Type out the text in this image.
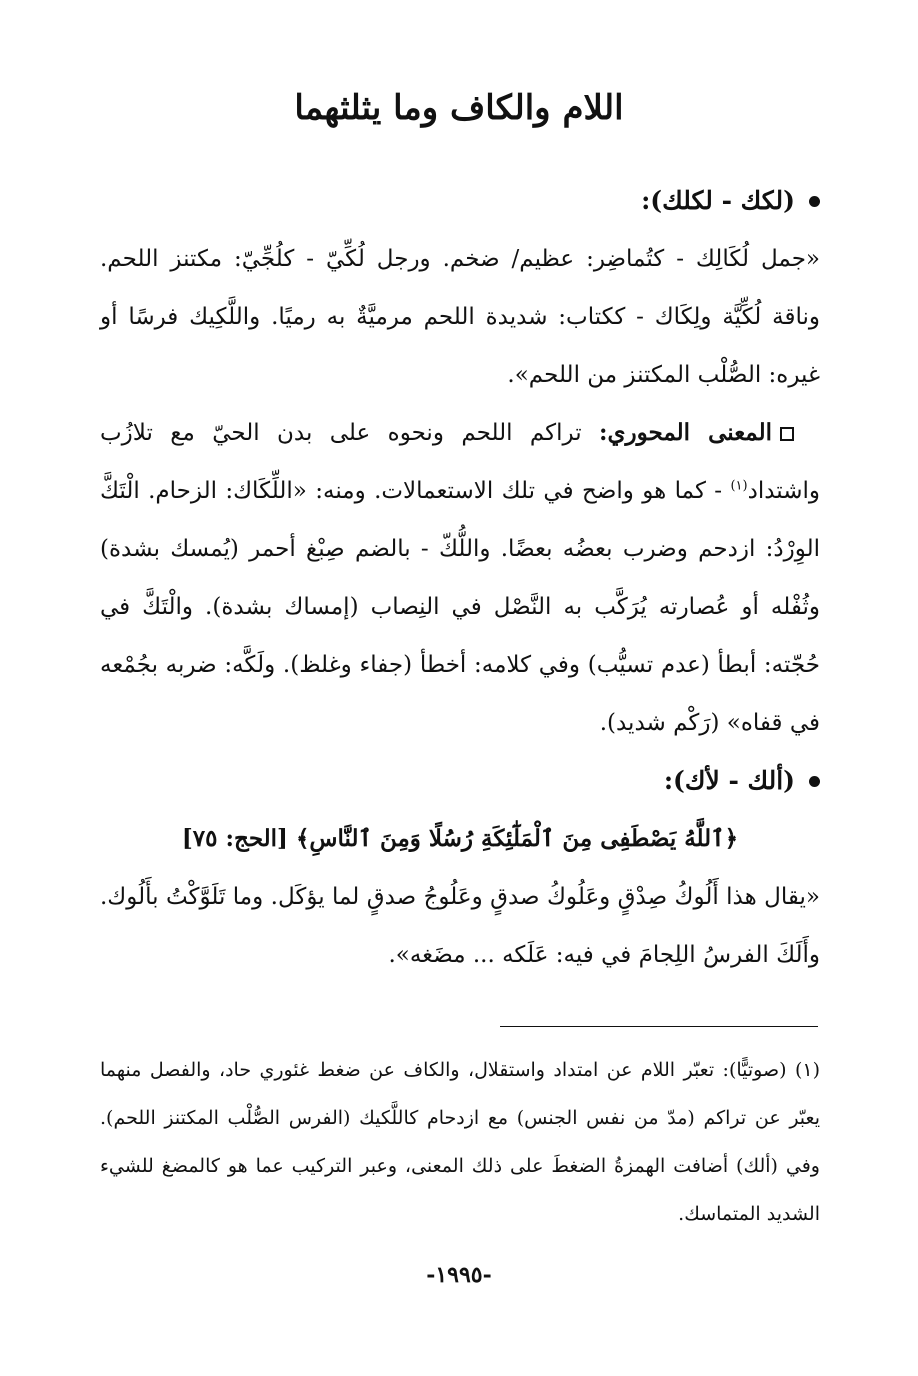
اللام والكاف وما يثلثهما

(لكك - لكلك):

«جمل لُكَالِك - كتُماضِر: عظيم/ ضخم. ورجل لُكِّيّ - كلُجِّيّ: مكتنز اللحم. وناقة لُكِّيَّة ولِكَاك - ككتاب: شديدة اللحم مرميَّةٌ به رميًا. واللَّكِيك فرسًا أو غيره: الصُّلْب المكتنز من اللحم».

المعنى المحوري: تراكم اللحم ونحوه على بدن الحيّ مع تلازُب واشتداد$^{(١)}$ - كما هو واضح في تلك الاستعمالات. ومنه: «اللِّكَاك: الزحام. الْتَكَّ الوِرْدُ: ازدحم وضرب بعضُه بعضًا. واللُّكّ - بالضم صِبْغ أحمر (يُمسك بشدة) وثُفْله أو عُصارته يُرَكَّب به النَّصْل في النِصاب (إمساك بشدة). والْتَكَّ في حُجّته: أبطأ (عدم تسيُّب) وفي كلامه: أخطأ (جفاء وغلظ). ولَكَّه: ضربه بجُمْعه في قفاه» (رَكْم شديد).

(ألك - لأك):

﴿ٱللَّهُ يَصْطَفِى مِنَ ٱلْمَلَٰٓئِكَةِ رُسُلًا وَمِنَ ٱلنَّاسِ﴾ [الحج: ٧٥]

«يقال هذا أَلُوكُ صِدْقٍ وعَلُوكُ صدقٍ وعَلُوجُ صدقٍ لما يؤكَل. وما تَلَوَّكْتُ بأَلُوك. وأَلَكَ الفرسُ اللِجامَ في فيه: عَلَكه ... مضَغه».

(١) (صوتيًّا): تعبّر اللام عن امتداد واستقلال، والكاف عن ضغط غئوري حاد، والفصل منهما يعبّر عن تراكم (مدّ من نفس الجنس) مع ازدحام كاللَّكيك (الفرس الصُّلْب المكتنز اللحم). وفي (ألك) أضافت الهمزةُ الضغطَ على ذلك المعنى، وعبر التركيب عما هو كالمضغ للشيء الشديد المتماسك.

-١٩٩٥-
